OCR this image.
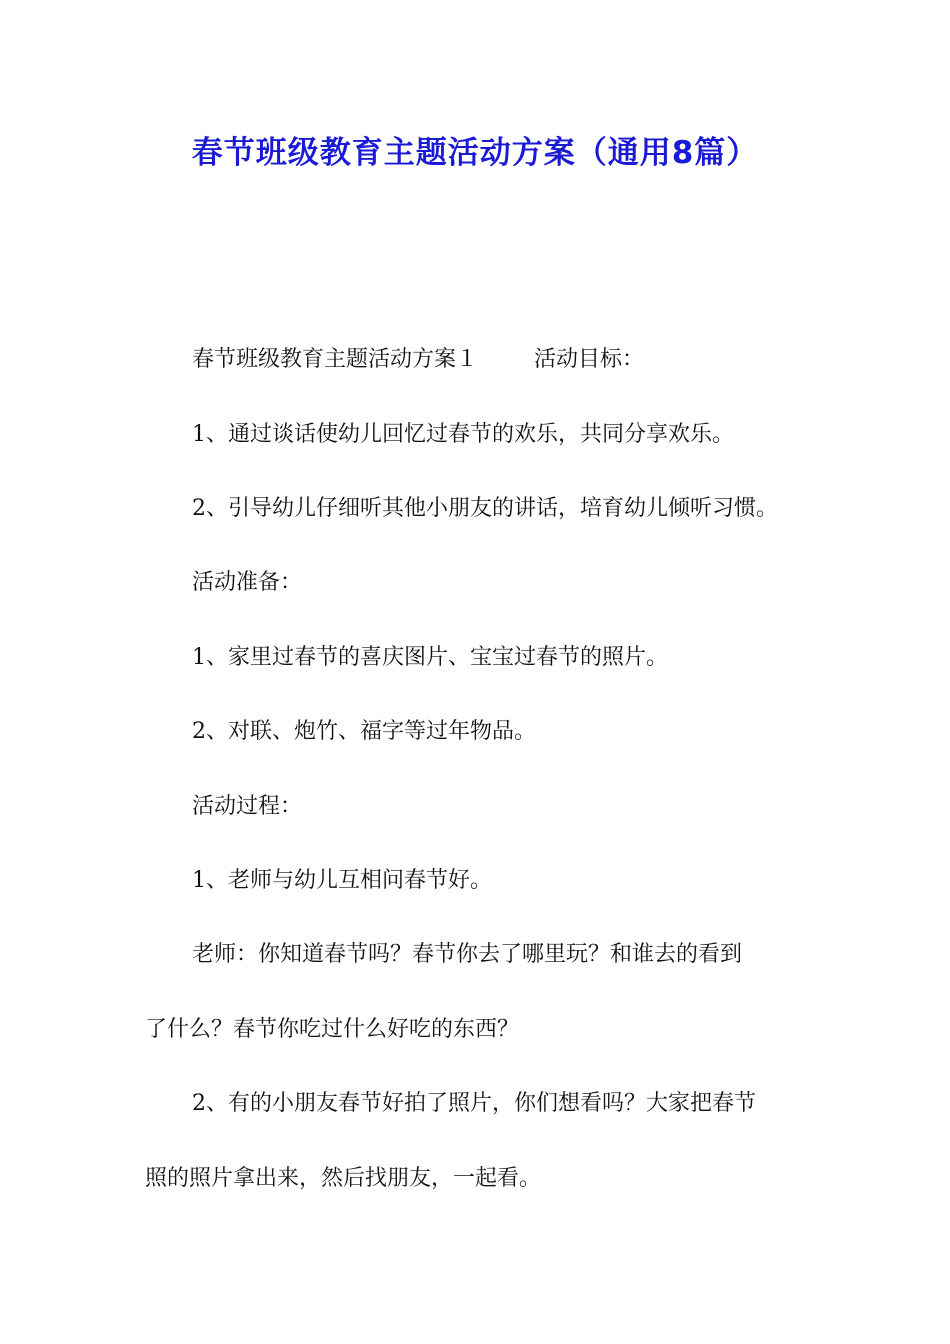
春节班级教育主题活动方案（通用8篇）

春节班级教育主题活动方案１	活动目标：

1、通过谈话使幼儿回忆过春节的欢乐，共同分享欢乐。

2、引导幼儿仔细听其他小朋友的讲话，培育幼儿倾听习惯。

活动准备：

1、家里过春节的喜庆图片、宝宝过春节的照片。

2、对联、炮竹、福字等过年物品。

活动过程：

1、老师与幼儿互相问春节好。

老师：你知道春节吗？春节你去了哪里玩？和谁去的看到

了什么？春节你吃过什么好吃的东西？

2、有的小朋友春节好拍了照片，你们想看吗？大家把春节

照的照片拿出来，然后找朋友，一起看。
